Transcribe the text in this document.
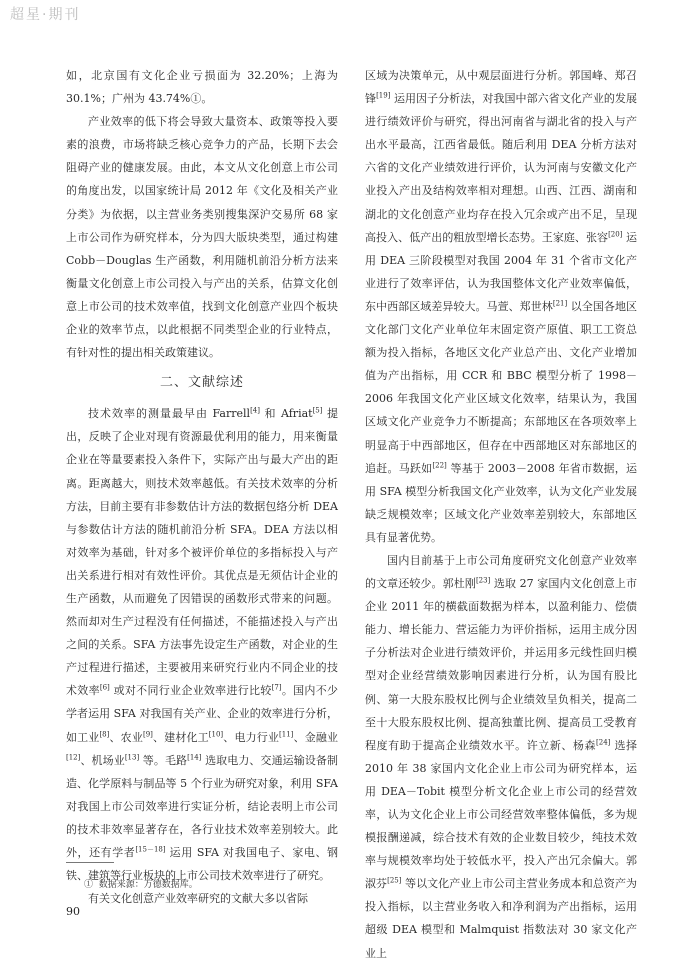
超星·期刊

如，北京国有文化企业亏损面为 32.20%；上海为 30.1%；广州为 43.74%①。

产业效率的低下将会导致大量资本、政策等投入要素的浪费，市场将缺乏核心竞争力的产品，长期下去会阻碍产业的健康发展。由此，本文从文化创意上市公司的角度出发，以国家统计局 2012 年《文化及相关产业分类》为依据，以主营业务类别搜集深沪交易所 68 家上市公司作为研究样本，分为四大版块类型，通过构建 Cobb－Douglas 生产函数，利用随机前沿分析方法来衡量文化创意上市公司投入与产出的关系，估算文化创意上市公司的技术效率值，找到文化创意产业四个板块企业的效率节点，以此根据不同类型企业的行业特点，有针对性的提出相关政策建议。

二、文献综述

技术效率的测量最早由 Farrell[4] 和 Afriat[5] 提出，反映了企业对现有资源最优利用的能力，用来衡量企业在等量要素投入条件下，实际产出与最大产出的距离。距离越大，则技术效率越低。有关技术效率的分析方法，目前主要有非参数估计方法的数据包络分析 DEA 与参数估计方法的随机前沿分析 SFA。DEA 方法以相对效率为基础，针对多个被评价单位的多指标投入与产出关系进行相对有效性评价。其优点是无须估计企业的生产函数，从而避免了因错误的函数形式带来的问题。然而却对生产过程没有任何描述，不能描述投入与产出之间的关系。SFA 方法事先设定生产函数，对企业的生产过程进行描述，主要被用来研究行业内不同企业的技术效率[6] 或对不同行业企业效率进行比较[7]。国内不少学者运用 SFA 对我国有关产业、企业的效率进行分析，如工业[8]、农业[9]、建材化工[10]、电力行业[11]、金融业[12]、机场业[13] 等。毛路[14] 选取电力、交通运输设备制造、化学原料与制品等 5 个行业为研究对象，利用 SFA 对我国上市公司效率进行实证分析，结论表明上市公司的技术非效率显著存在，各行业技术效率差别较大。此外，还有学者[15－18] 运用 SFA 对我国电子、家电、钢铁、建筑等行业板块的上市公司技术效率进行了研究。

有关文化创意产业效率研究的文献大多以省际

区域为决策单元，从中观层面进行分析。郭国峰、郑召锋[19] 运用因子分析法，对我国中部六省文化产业的发展进行绩效评价与研究，得出河南省与湖北省的投入与产出水平最高，江西省最低。随后利用 DEA 分析方法对六省的文化产业绩效进行评价，认为河南与安徽文化产业投入产出及结构效率相对理想。山西、江西、湖南和湖北的文化创意产业均存在投入冗余或产出不足，呈现高投入、低产出的粗放型增长态势。王家庭、张容[20] 运用 DEA 三阶段模型对我国 2004 年 31 个省市文化产业进行了效率评估，认为我国整体文化产业效率偏低，东中西部区域差异较大。马萱、郑世林[21] 以全国各地区文化部门文化产业单位年末固定资产原值、职工工资总额为投入指标，各地区文化产业总产出、文化产业增加值为产出指标，用 CCR 和 BBC 模型分析了 1998－2006 年我国文化产业区域文化效率，结果认为，我国区域文化产业竞争力不断提高；东部地区在各项效率上明显高于中西部地区，但存在中西部地区对东部地区的追赶。马跃如[22] 等基于 2003－2008 年省市数据，运用 SFA 模型分析我国文化产业效率，认为文化产业发展缺乏规模效率；区域文化产业效率差别较大，东部地区具有显著优势。

国内目前基于上市公司角度研究文化创意产业效率的文章还较少。郭杜刚[23] 选取 27 家国内文化创意上市企业 2011 年的横截面数据为样本，以盈利能力、偿债能力、增长能力、营运能力为评价指标，运用主成分因子分析法对企业进行绩效评价，并运用多元线性回归模型对企业经营绩效影响因素进行分析，认为国有股比例、第一大股东股权比例与企业绩效呈负相关，提高二至十大股东股权比例、提高独董比例、提高员工受教育程度有助于提高企业绩效水平。许立新、杨森[24] 选择 2010 年 38 家国内文化企业上市公司为研究样本，运用 DEA－Tobit 模型分析文化企业上市公司的经营效率，认为文化企业上市公司经营效率整体偏低，多为规模报酬递减，综合技术有效的企业数目较少，纯技术效率与规模效率均处于较低水平，投入产出冗余偏大。郭淑芬[25] 等以文化产业上市公司主营业务成本和总资产为投入指标，以主营业务收入和净利润为产出指标，运用超级 DEA 模型和 Malmquist 指数法对 30 家文化产业上

① 数据来源：万德数据库。
90
